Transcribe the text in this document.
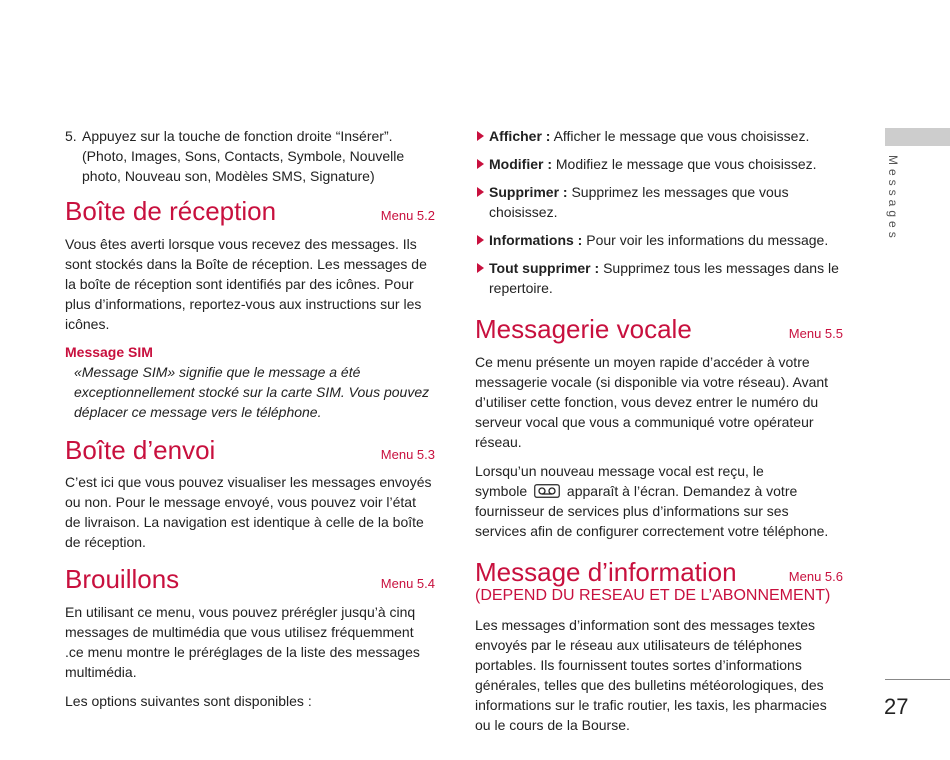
5. Appuyez sur la touche de fonction droite “Insérer”.
(Photo, Images, Sons, Contacts, Symbole, Nouvelle
photo, Nouveau son, Modèles SMS, Signature)
Boîte de réception	Menu 5.2

Vous êtes averti lorsque vous recevez des messages. Ils sont stockés dans la Boîte de réception. Les messages de la boîte de réception sont identifiés par des icônes. Pour plus d’informations, reportez-vous aux instructions sur les icônes.

Message SIM

«Message SIM» signifie que le message a été exceptionnellement stocké sur la carte SIM. Vous pouvez déplacer ce message vers le téléphone.

Boîte d’envoi	Menu 5.3

C’est ici que vous pouvez visualiser les messages envoyés ou non. Pour le message envoyé, vous pouvez voir l’état de livraison. La navigation est identique à celle de la boîte de réception.

Brouillons	Menu 5.4

En utilisant ce menu, vous pouvez prérégler jusqu’à cinq messages de multimédia que vous utilisez fréquemment .ce menu montre le préréglages de la liste des messages multimédia.

Les options suivantes sont disponibles :

Afficher : Afficher le message que vous choisissez.
Modifier : Modifiez le message que vous choisissez.
Supprimer : Supprimez les messages que vous choisissez.
Informations : Pour voir les informations du message.
Tout supprimer : Supprimez tous les messages dans le repertoire.
Messagerie vocale	Menu 5.5

Ce menu présente un moyen rapide d’accéder à votre messagerie vocale (si disponible via votre réseau). Avant d’utiliser cette fonction, vous devez entrer le numéro du serveur vocal que vous a communiqué votre opérateur réseau.

Lorsqu’un nouveau message vocal est reçu, le
symbole	apparaît à l’écran. Demandez à votre fournisseur de services plus d’informations sur ses services afin de configurer correctement votre téléphone.

Message d’information	Menu 5.6
(DEPEND DU RESEAU ET DE L’ABONNEMENT)

Les messages d’information sont des messages textes envoyés par le réseau aux utilisateurs de téléphones portables. Ils fournissent toutes sortes d’informations générales, telles que des bulletins météorologiques, des informations sur le trafic routier, les taxis, les pharmacies ou le cours de la Bourse.

Messages
27
